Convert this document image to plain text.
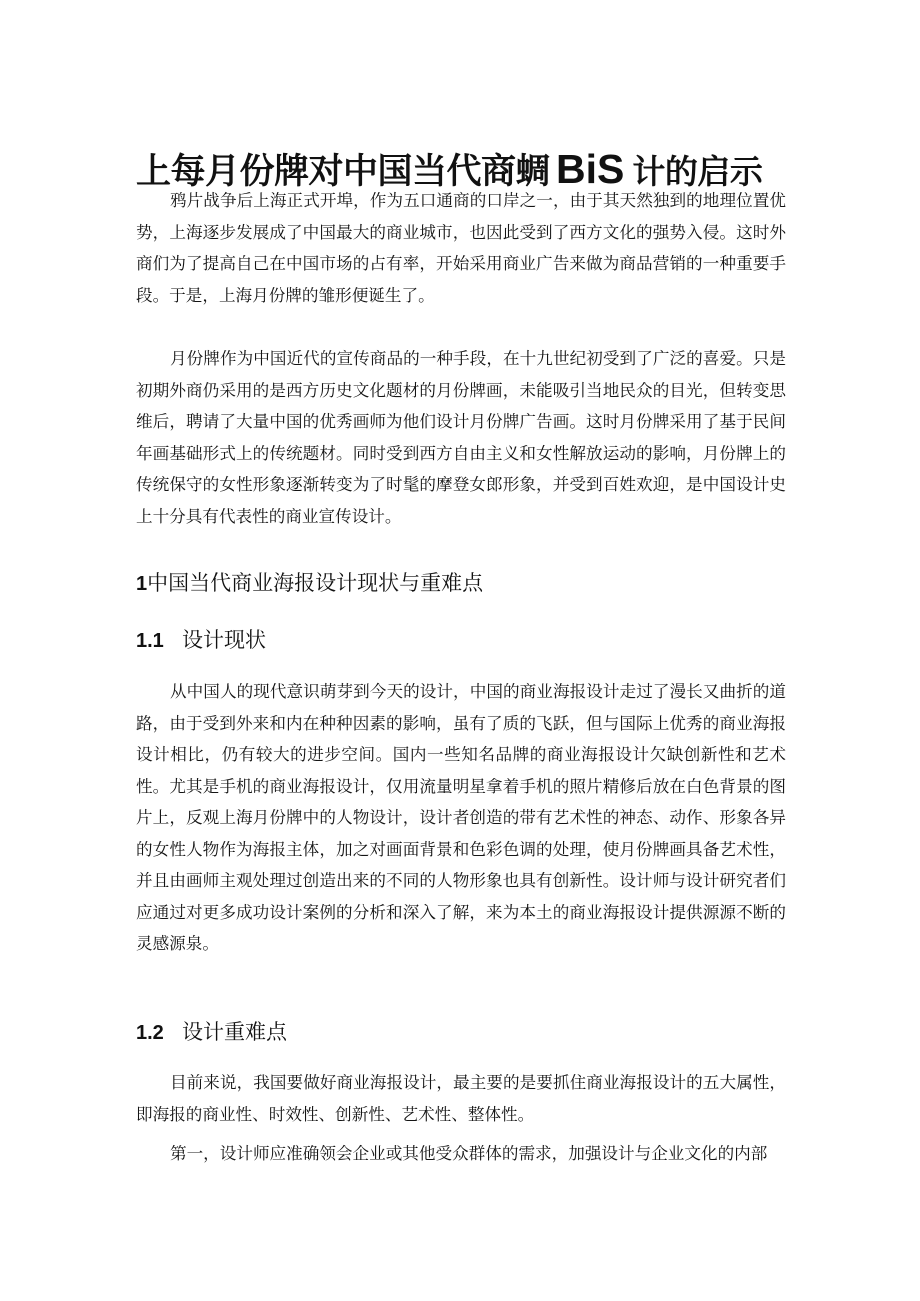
上每月份牌对中国当代商蜩 BiS 计的启示

鸦片战争后上海正式开埠，作为五口通商的口岸之一，由于其天然独到的地理位置优势，上海逐步发展成了中国最大的商业城市，也因此受到了西方文化的强势入侵。这时外商们为了提高自己在中国市场的占有率，开始采用商业广告来做为商品营销的一种重要手段。于是，上海月份牌的雏形便诞生了。

月份牌作为中国近代的宣传商品的一种手段，在十九世纪初受到了广泛的喜爱。只是初期外商仍采用的是西方历史文化题材的月份牌画，未能吸引当地民众的目光，但转变思维后，聘请了大量中国的优秀画师为他们设计月份牌广告画。这时月份牌采用了基于民间年画基础形式上的传统题材。同时受到西方自由主义和女性解放运动的影响，月份牌上的传统保守的女性形象逐渐转变为了时髦的摩登女郎形象，并受到百姓欢迎，是中国设计史上十分具有代表性的商业宣传设计。

1中国当代商业海报设计现状与重难点
1.1 设计现状

从中国人的现代意识萌芽到今天的设计，中国的商业海报设计走过了漫长又曲折的道路，由于受到外来和内在种种因素的影响，虽有了质的飞跃，但与国际上优秀的商业海报设计相比，仍有较大的进步空间。国内一些知名品牌的商业海报设计欠缺创新性和艺术性。尤其是手机的商业海报设计，仅用流量明星拿着手机的照片精修后放在白色背景的图片上，反观上海月份牌中的人物设计，设计者创造的带有艺术性的神态、动作、形象各异的女性人物作为海报主体，加之对画面背景和色彩色调的处理，使月份牌画具备艺术性，并且由画师主观处理过创造出来的不同的人物形象也具有创新性。设计师与设计研究者们应通过对更多成功设计案例的分析和深入了解，来为本土的商业海报设计提供源源不断的灵感源泉。

1.2 设计重难点

目前来说，我国要做好商业海报设计，最主要的是要抓住商业海报设计的五大属性，即海报的商业性、时效性、创新性、艺术性、整体性。

第一，设计师应准确领会企业或其他受众群体的需求，加强设计与企业文化的内部
